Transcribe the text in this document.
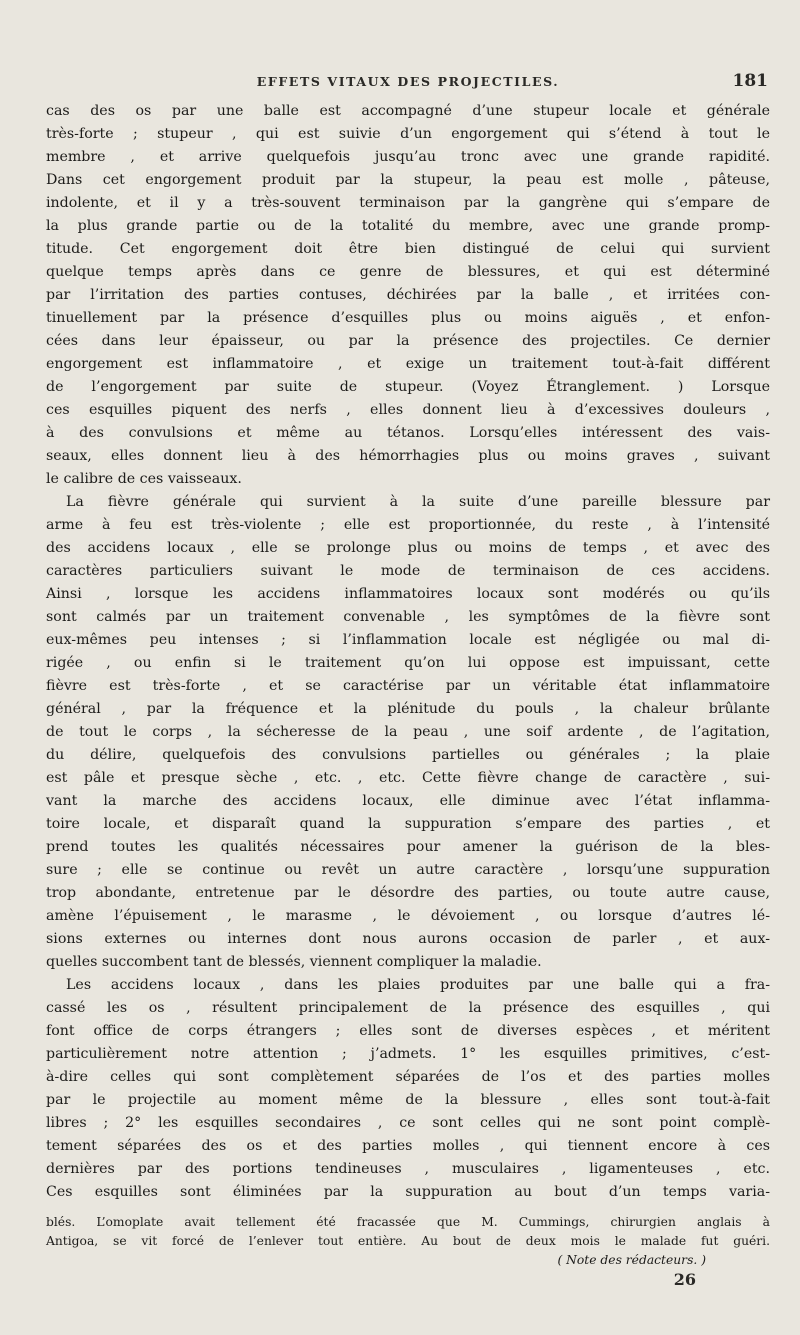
EFFETS VITAUX DES PROJECTILES.	181
cas des os par une balle est accompagné d’une stupeur locale et générale
très-forte ; stupeur , qui est suivie d’un engorgement qui s’étend à tout le
membre , et arrive quelquefois jusqu’au tronc avec une grande rapidité.
Dans cet engorgement produit par la stupeur, la peau est molle , pâteuse,
indolente, et il y a très-souvent terminaison par la gangrène qui s’empare de
la plus grande partie ou de la totalité du membre, avec une grande promp-
titude. Cet engorgement doit être bien distingué de celui qui survient
quelque temps après dans ce genre de blessures, et qui est déterminé
par l’irritation des parties contuses, déchirées par la balle , et irritées con-
tinuellement par la présence d’esquilles plus ou moins aiguës , et enfon-
cées dans leur épaisseur, ou par la présence des projectiles. Ce dernier
engorgement est inflammatoire , et exige un traitement tout-à-fait différent
de l’engorgement par suite de stupeur. (Voyez Étranglement. ) Lorsque
ces esquilles piquent des nerfs , elles donnent lieu à d’excessives douleurs ,
à des convulsions et même au tétanos. Lorsqu’elles intéressent des vais-
seaux, elles donnent lieu à des hémorrhagies plus ou moins graves , suivant
le calibre de ces vaisseaux.
La fièvre générale qui survient à la suite d’une pareille blessure par
arme à feu est très-violente ; elle est proportionnée, du reste , à l’intensité
des accidens locaux , elle se prolonge plus ou moins de temps , et avec des
caractères particuliers suivant le mode de terminaison de ces accidens.
Ainsi , lorsque les accidens inflammatoires locaux sont modérés ou qu’ils
sont calmés par un traitement convenable , les symptômes de la fièvre sont
eux-mêmes peu intenses ; si l’inflammation locale est négligée ou mal di-
rigée , ou enfin si le traitement qu’on lui oppose est impuissant, cette
fièvre est très-forte , et se caractérise par un véritable état inflammatoire
général , par la fréquence et la plénitude du pouls , la chaleur brûlante
de tout le corps , la sécheresse de la peau , une soif ardente , de l’agitation,
du délire, quelquefois des convulsions partielles ou générales ; la plaie
est pâle et presque sèche , etc. , etc. Cette fièvre change de caractère , sui-
vant la marche des accidens locaux, elle diminue avec l’état inflamma-
toire locale, et disparaît quand la suppuration s’empare des parties , et
prend toutes les qualités nécessaires pour amener la guérison de la bles-
sure ; elle se continue ou revêt un autre caractère , lorsqu’une suppuration
trop abondante, entretenue par le désordre des parties, ou toute autre cause,
amène l’épuisement , le marasme , le dévoiement , ou lorsque d’autres lé-
sions externes ou internes dont nous aurons occasion de parler , et aux-
quelles succombent tant de blessés, viennent compliquer la maladie.
Les accidens locaux , dans les plaies produites par une balle qui a fra-
cassé les os , résultent principalement de la présence des esquilles , qui
font office de corps étrangers ; elles sont de diverses espèces , et méritent
particulièrement notre attention ; j’admets. 1° les esquilles primitives, c’est-
à-dire celles qui sont complètement séparées de l’os et des parties molles
par le projectile au moment même de la blessure , elles sont tout-à-fait
libres ; 2° les esquilles secondaires , ce sont celles qui ne sont point complè-
tement séparées des os et des parties molles , qui tiennent encore à ces
dernières par des portions tendineuses , musculaires , ligamenteuses , etc.
Ces esquilles sont éliminées par la suppuration au bout d’un temps varia-
blés. L’omoplate avait tellement été fracassée que M. Cummings, chirurgien anglais à
Antigoa, se vit forcé de l’enlever tout entière. Au bout de deux mois le malade fut guéri.
( Note des rédacteurs. )
26
